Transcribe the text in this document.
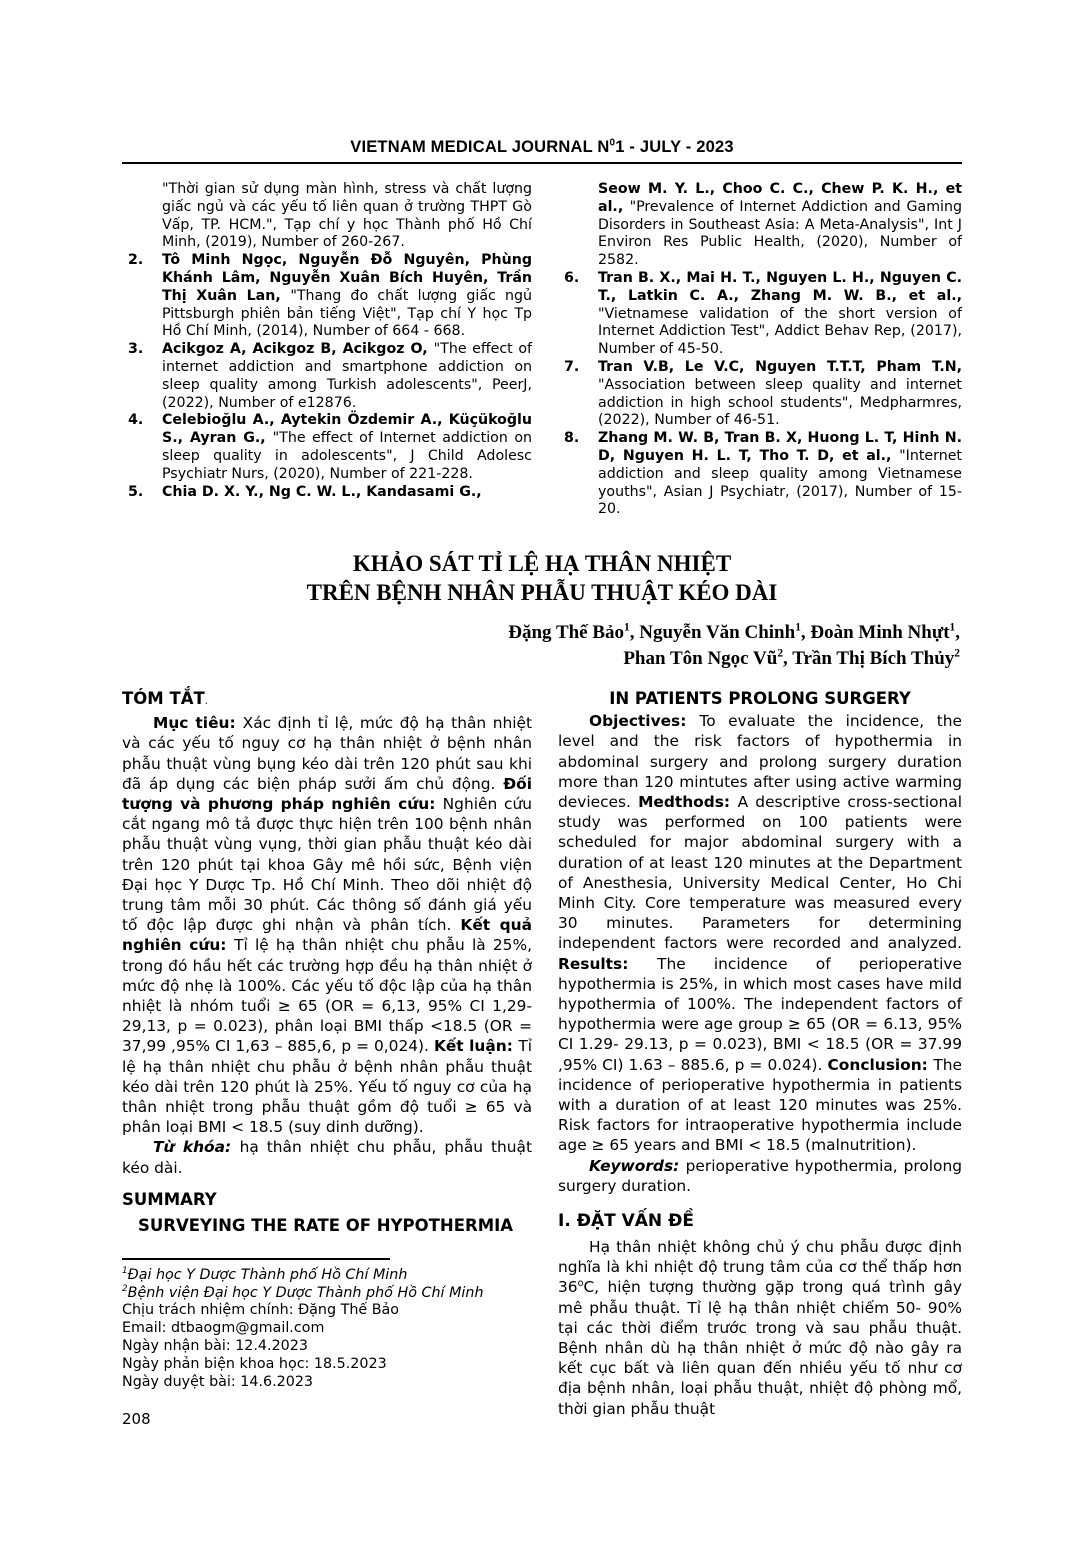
VIETNAM MEDICAL JOURNAL $N^01$ - JULY - 2023
"Thời gian sử dụng màn hình, stress và chất lượng giấc ngủ và các yếu tố liên quan ở trường THPT Gò Vấp, TP. HCM.", Tạp chí y học Thành phố Hồ Chí Minh, (2019), Number of 260-267.
2. Tô Minh Ngọc, Nguyễn Đỗ Nguyên, Phùng Khánh Lâm, Nguyễn Xuân Bích Huyên, Trần Thị Xuân Lan, "Thang đo chất lượng giấc ngủ Pittsburgh phiên bản tiếng Việt", Tạp chí Y học Tp Hồ Chí Minh, (2014), Number of 664 - 668.
3. Acikgoz A, Acikgoz B, Acikgoz O, "The effect of internet addiction and smartphone addiction on sleep quality among Turkish adolescents", PeerJ, (2022), Number of e12876.
4. Celebioğlu A., Aytekin Özdemir A., Küçükoğlu S., Ayran G., "The effect of Internet addiction on sleep quality in adolescents", J Child Adolesc Psychiatr Nurs, (2020), Number of 221-228.
5. Chia D. X. Y., Ng C. W. L., Kandasami G.,
Seow M. Y. L., Choo C. C., Chew P. K. H., et al., "Prevalence of Internet Addiction and Gaming Disorders in Southeast Asia: A Meta-Analysis", Int J Environ Res Public Health, (2020), Number of 2582.
6. Tran B. X., Mai H. T., Nguyen L. H., Nguyen C. T., Latkin C. A., Zhang M. W. B., et al., "Vietnamese validation of the short version of Internet Addiction Test", Addict Behav Rep, (2017), Number of 45-50.
7. Tran V.B, Le V.C, Nguyen T.T.T, Pham T.N, "Association between sleep quality and internet addiction in high school students", Medpharmres, (2022), Number of 46-51.
8. Zhang M. W. B, Tran B. X, Huong L. T, Hinh N. D, Nguyen H. L. T, Tho T. D, et al., "Internet addiction and sleep quality among Vietnamese youths", Asian J Psychiatr, (2017), Number of 15-20.
KHẢO SÁT TỈ LỆ HẠ THÂN NHIỆT
TRÊN BỆNH NHÂN PHẪU THUẬT KÉO DÀI
Đặng Thế Bảo$^1$, Nguyễn Văn Chinh$^1$, Đoàn Minh Nhựt$^1$,
Phan Tôn Ngọc $Vũ^2$, Trần Thị Bích Thủy$^2$
TÓM TẮT.

Mục tiêu: Xác định tỉ lệ, mức độ hạ thân nhiệt và các yếu tố nguy cơ hạ thân nhiệt ở bệnh nhân phẫu thuật vùng bụng kéo dài trên 120 phút sau khi đã áp dụng các biện pháp sưởi ấm chủ động. Đối tượng và phương pháp nghiên cứu: Nghiên cứu cắt ngang mô tả được thực hiện trên 100 bệnh nhân phẫu thuật vùng vụng, thời gian phẫu thuật kéo dài trên 120 phút tại khoa Gây mê hồi sức, Bệnh viện Đại học Y Dược Tp. Hồ Chí Minh. Theo dõi nhiệt độ trung tâm mỗi 30 phút. Các thông số đánh giá yếu tố độc lập được ghi nhận và phân tích. Kết quả nghiên cứu: Tỉ lệ hạ thân nhiệt chu phẫu là 25%, trong đó hầu hết các trường hợp đều hạ thân nhiệt ở mức độ nhẹ là 100%. Các yếu tố độc lập của hạ thân nhiệt là nhóm tuổi ≥ 65 (OR = 6,13, 95% CI 1,29- 29,13, p = 0.023), phân loại BMI thấp <18.5 (OR = 37,99 ,95% CI 1,63 – 885,6, p = 0,024). Kết luận: Tỉ lệ hạ thân nhiệt chu phẫu ở bệnh nhân phẫu thuật kéo dài trên 120 phút là 25%. Yếu tố nguy cơ của hạ thân nhiệt trong phẫu thuật gồm độ tuổi ≥ 65 và phân loại BMI < 18.5 (suy dinh dưỡng).

Từ khóa: hạ thân nhiệt chu phẫu, phẫu thuật kéo dài.

SUMMARY
SURVEYING THE RATE OF HYPOTHERMIA
$^1$Đại học Y Dược Thành phố Hồ Chí Minh
$^2$Bệnh viện Đại học Y Dược Thành phố Hồ Chí Minh
Chịu trách nhiệm chính: Đặng Thế Bảo
Email: dtbaogm@gmail.com
Ngày nhận bài: 12.4.2023
Ngày phản biện khoa học: 18.5.2023
Ngày duyệt bài: 14.6.2023
208
IN PATIENTS PROLONG SURGERY

Objectives: To evaluate the incidence, the level and the risk factors of hypothermia in abdominal surgery and prolong surgery duration more than 120 mintutes after using active warming devieces. Medthods: A descriptive cross-sectional study was performed on 100 patients were scheduled for major abdominal surgery with a duration of at least 120 minutes at the Department of Anesthesia, University Medical Center, Ho Chi Minh City. Core temperature was measured every 30 minutes. Parameters for determining independent factors were recorded and analyzed. Results: The incidence of perioperative hypothermia is 25%, in which most cases have mild hypothermia of 100%. The independent factors of hypothermia were age group ≥ 65 (OR = 6.13, 95% CI 1.29- 29.13, p = 0.023), BMI < 18.5 (OR = 37.99 ,95% CI) 1.63 – 885.6, p = 0.024). Conclusion: The incidence of perioperative hypothermia in patients with a duration of at least 120 minutes was 25%. Risk factors for intraoperative hypothermia include age ≥ 65 years and BMI < 18.5 (malnutrition).

Keywords: perioperative hypothermia, prolong surgery duration.

I. ĐẶT VẤN ĐỀ

Hạ thân nhiệt không chủ ý chu phẫu được định nghĩa là khi nhiệt độ trung tâm của cơ thể thấp hơn 36$^o$C, hiện tượng thường gặp trong quá trình gây mê phẫu thuật. Tỉ lệ hạ thân nhiệt chiếm 50- 90% tại các thời điểm trước trong và sau phẫu thuật. Bệnh nhân dù hạ thân nhiệt ở mức độ nào gây ra kết cục bất và liên quan đến nhiều yếu tố như cơ địa bệnh nhân, loại phẫu thuật, nhiệt độ phòng mổ, thời gian phẫu thuật
